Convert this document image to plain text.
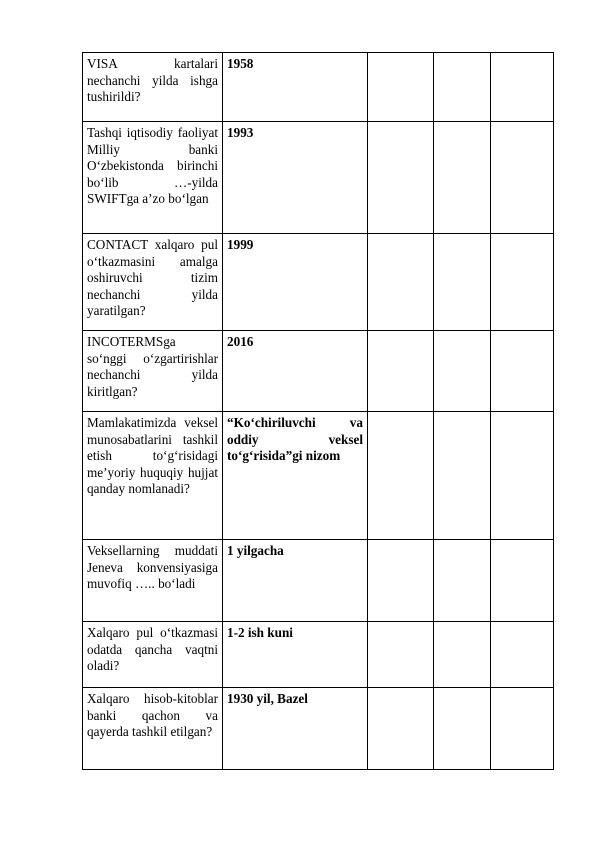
VISA kartalari nechanchi yilda ishga tushirildi?	1958			
Tashqi iqtisodiy faoliyat Milliy banki O‘zbekistonda birinchi bo‘lib …-yilda SWIFTga a’zo bo‘lgan	1993			
CONTACT xalqaro pul o‘tkazmasini amalga oshiruvchi tizim nechanchi yilda yaratilgan?	1999			
INCOTERMSga so‘nggi o‘zgartirishlar nechanchi yilda kiritlgan?	2016			
Mamlakatimizda veksel munosabatlarini tashkil etish to‘g‘risidagi me’yoriy huquqiy hujjat qanday nomlanadi?	“Ko‘chiriluvchi va oddiy veksel to‘g‘risida”gi nizom			
Veksellarning muddati Jeneva konvensiyasiga muvofiq ….. bo‘ladi	1 yilgacha			
Xalqaro pul o‘tkazmasi odatda qancha vaqtni oladi?	1-2 ish kuni			
Xalqaro hisob-kitoblar banki qachon va qayerda tashkil etilgan?	1930 yil, Bazel			
